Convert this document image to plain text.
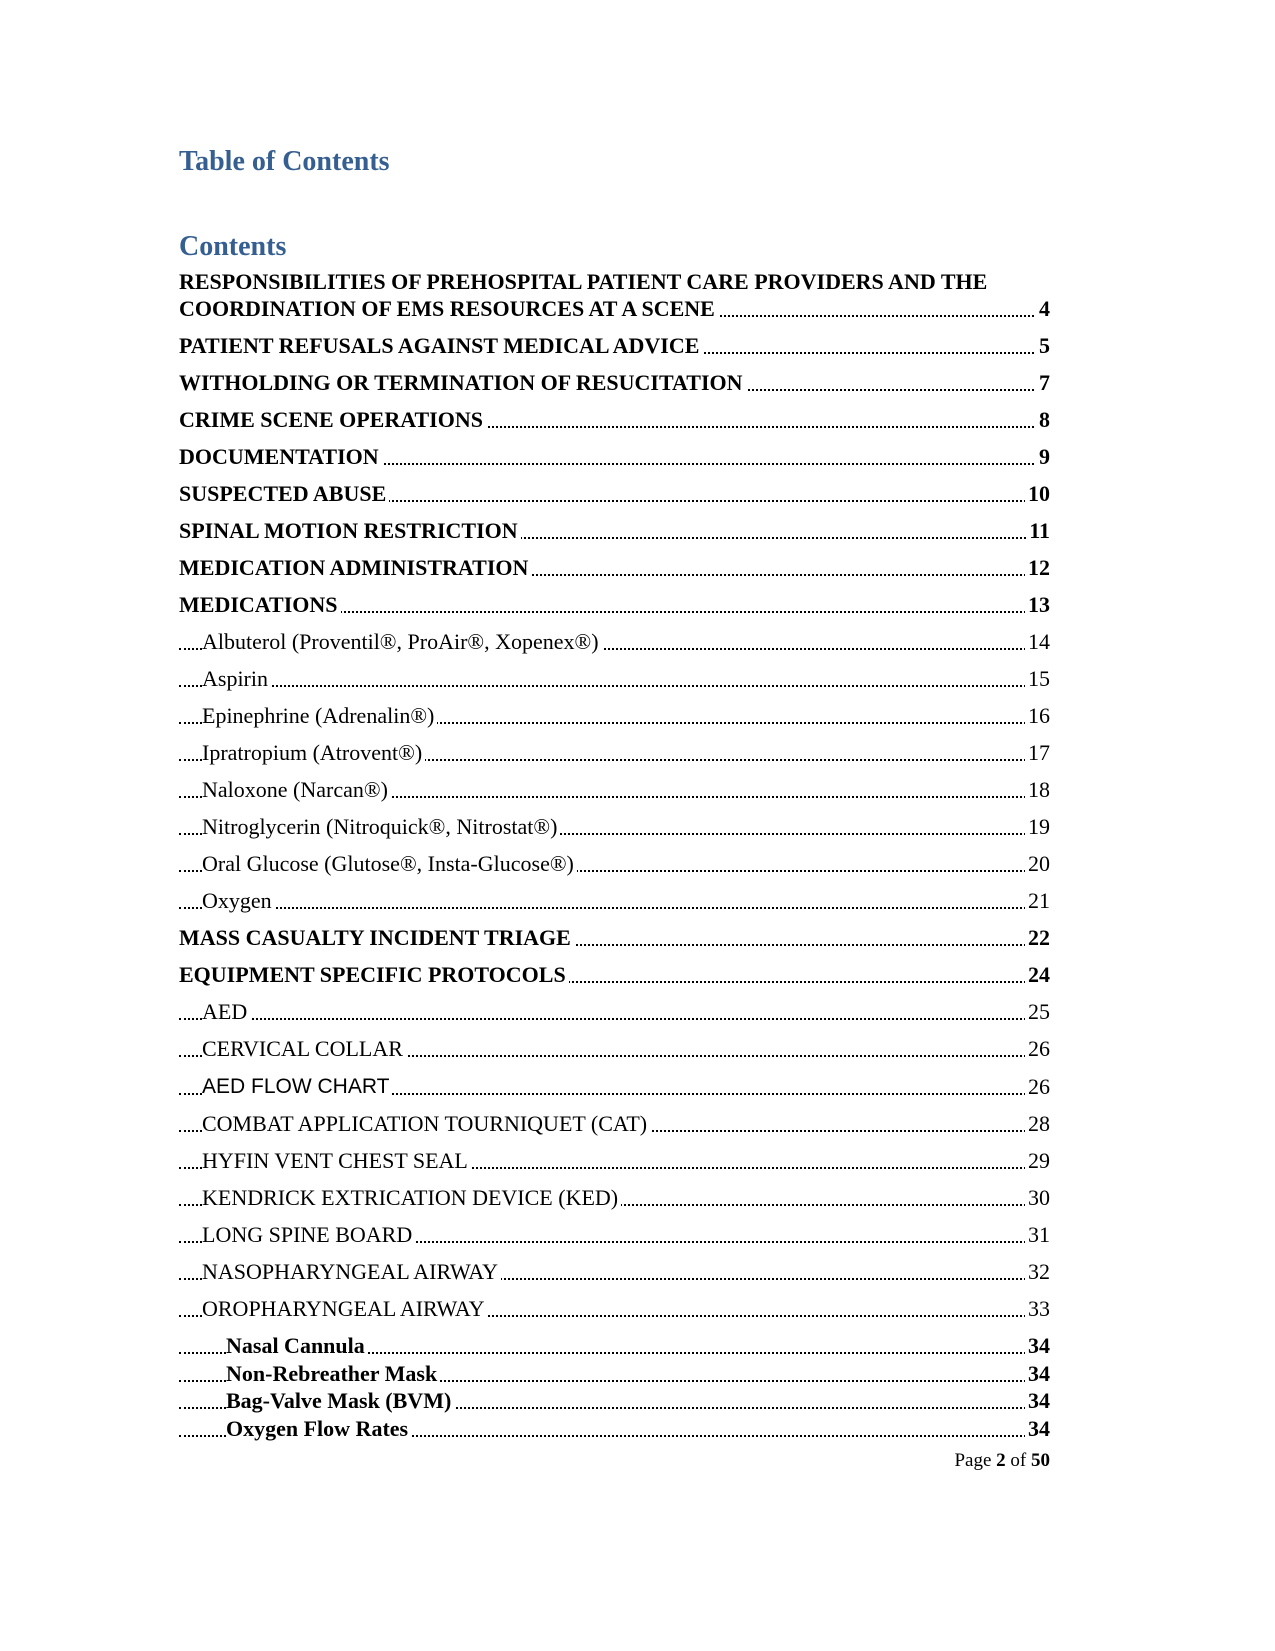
Table of Contents
Contents
RESPONSIBILITIES OF PREHOSPITAL PATIENT CARE PROVIDERS AND THE COORDINATION OF EMS RESOURCES AT A SCENE	4
PATIENT REFUSALS AGAINST MEDICAL ADVICE	5
WITHOLDING OR TERMINATION OF RESUCITATION	7
CRIME SCENE OPERATIONS	8
DOCUMENTATION	9
SUSPECTED ABUSE	10
SPINAL MOTION RESTRICTION	11
MEDICATION ADMINISTRATION	12
MEDICATIONS	13
Albuterol (Proventil®, ProAir®, Xopenex®)	14
Aspirin	15
Epinephrine (Adrenalin®)	16
Ipratropium (Atrovent®)	17
Naloxone (Narcan®)	18
Nitroglycerin (Nitroquick®, Nitrostat®)	19
Oral Glucose (Glutose®, Insta-Glucose®)	20
Oxygen	21
MASS CASUALTY INCIDENT TRIAGE	22
EQUIPMENT SPECIFIC PROTOCOLS	24
AED	25
CERVICAL COLLAR	26
AED FLOW CHART	26
COMBAT APPLICATION TOURNIQUET (CAT)	28
HYFIN VENT CHEST SEAL	29
KENDRICK EXTRICATION DEVICE (KED)	30
LONG SPINE BOARD	31
NASOPHARYNGEAL AIRWAY	32
OROPHARYNGEAL AIRWAY	33
Nasal Cannula	34
Non-Rebreather Mask	34
Bag-Valve Mask (BVM)	34
Oxygen Flow Rates	34
Page 2 of 50
